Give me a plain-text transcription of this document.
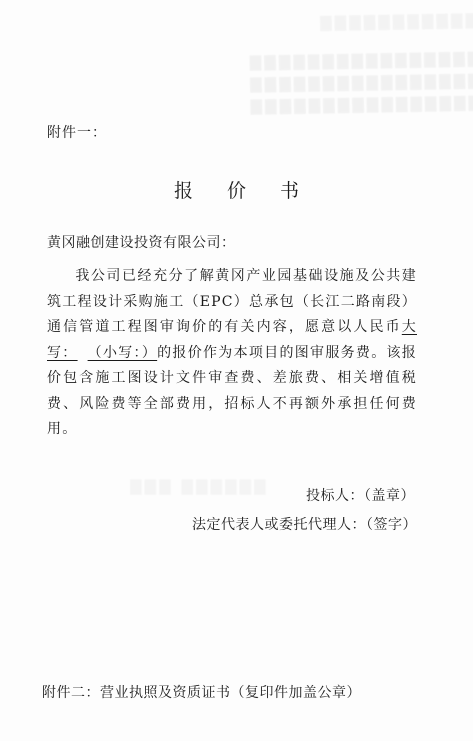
附件一：
报 价 书
黄冈融创建设投资有限公司：
我公司已经充分了解黄冈产业园基础设施及公共建筑工程设计采购施工（EPC）总承包（长江二路南段）通信管道工程图审询价的有关内容，愿意以人民币大写： （小写：）的报价作为本项目的图审服务费。该报价包含施工图设计文件审查费、差旅费、相关增值税费、风险费等全部费用，招标人不再额外承担任何费用。
投标人：（盖章）
法定代表人或委托代理人：（签字）
附件二：营业执照及资质证书（复印件加盖公章）
